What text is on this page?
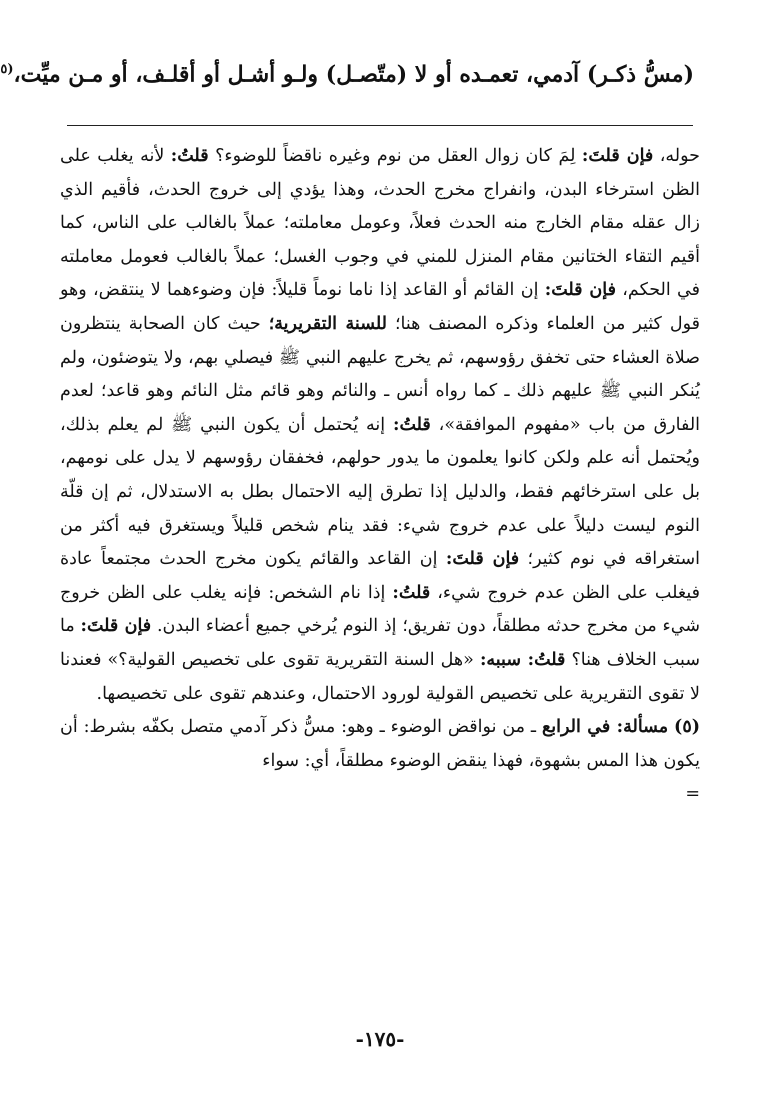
(مسُّ ذكـر) آدمي، تعمـده أو لا (متّصـل) ولـو أشـل أو أقلـف، أو مـن ميِّت،$^{(٥}$

حوله، فإن قلتَ: لِمَ كان زوال العقل من نوم وغيره ناقضاً للوضوء؟ قلتُ: لأنه يغلب على الظن استرخاء البدن، وانفراج مخرج الحدث، وهذا يؤدي إلى خروج الحدث، فأقيم الذي زال عقله مقام الخارج منه الحدث فعلاً، وعومل معاملته؛ عملاً بالغالب على الناس، كما أقيم التقاء الختانين مقام المنزل للمني في وجوب الغسل؛ عملاً بالغالب فعومل معاملته في الحكم، فإن قلتَ: إن القائم أو القاعد إذا ناما نوماً قليلاً: فإن وضوءهما لا ينتقض، وهو قول كثير من العلماء وذكره المصنف هنا؛ للسنة التقريرية؛ حيث كان الصحابة ينتظرون صلاة العشاء حتى تخفق رؤوسهم، ثم يخرج عليهم النبي ﷺ فيصلي بهم، ولا يتوضئون، ولم يُنكر النبي ﷺ عليهم ذلك ـ كما رواه أنس ـ والنائم وهو قائم مثل النائم وهو قاعد؛ لعدم الفارق من باب «مفهوم الموافقة»، قلتُ: إنه يُحتمل أن يكون النبي ﷺ لم يعلم بذلك، ويُحتمل أنه علم ولكن كانوا يعلمون ما يدور حولهم، فخفقان رؤوسهم لا يدل على نومهم، بل على استرخائهم فقط، والدليل إذا تطرق إليه الاحتمال بطل به الاستدلال، ثم إن قلّة النوم ليست دليلاً على عدم خروج شيء: فقد ينام شخص قليلاً ويستغرق فيه أكثر من استغراقه في نوم كثير؛ فإن قلتَ: إن القاعد والقائم يكون مخرج الحدث مجتمعاً عادة فيغلب على الظن عدم خروج شيء، قلتُ: إذا نام الشخص: فإنه يغلب على الظن خروج شيء من مخرج حدثه مطلقاً، دون تفريق؛ إذ النوم يُرخي جميع أعضاء البدن. فإن قلتَ: ما سبب الخلاف هنا؟ قلتُ: سببه: «هل السنة التقريرية تقوى على تخصيص القولية؟» فعندنا لا تقوى التقريرية على تخصيص القولية لورود الاحتمال، وعندهم تقوى على تخصيصها.

(٥) مسألة: في الرابع ـ من نواقض الوضوء ـ وهو: مسُّ ذكر آدمي متصل بكفّه بشرط: أن يكون هذا المس بشهوة، فهذا ينقض الوضوء مطلقاً، أي: سواء
=

-١٧٥-
